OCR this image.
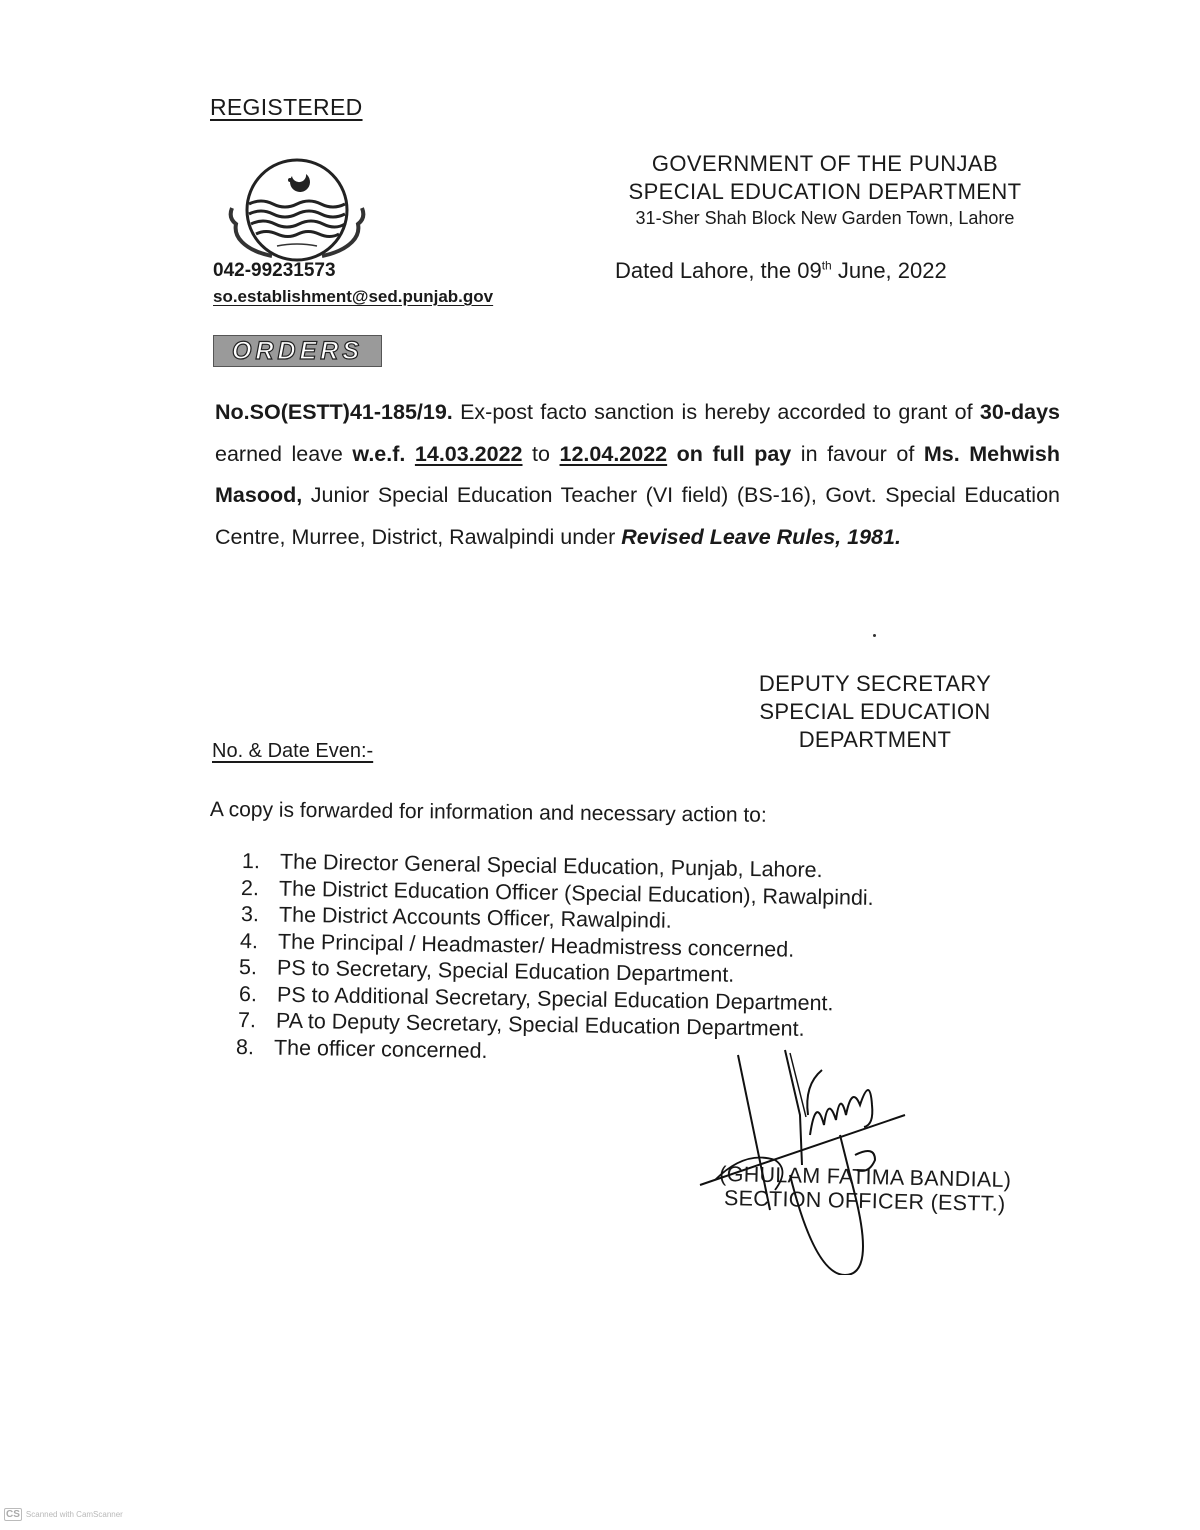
REGISTERED
042-99231573
so.establishment@sed.punjab.gov
GOVERNMENT OF THE PUNJAB
SPECIAL EDUCATION DEPARTMENT
31-Sher Shah Block New Garden Town, Lahore
Dated Lahore, the 09th June, 2022
ORDERS
No.SO(ESTT)41-185/19. Ex-post facto sanction is hereby accorded to grant of 30-days earned leave w.e.f. 14.03.2022 to 12.04.2022 on full pay in favour of Ms. Mehwish Masood, Junior Special Education Teacher (VI field) (BS-16), Govt. Special Education Centre, Murree, District, Rawalpindi under Revised Leave Rules, 1981.
DEPUTY SECRETARY
SPECIAL EDUCATION
DEPARTMENT
No. & Date Even:-
A copy is forwarded for information and necessary action to:
1. The Director General Special Education, Punjab, Lahore.
2. The District Education Officer (Special Education), Rawalpindi.
3. The District Accounts Officer, Rawalpindi.
4. The Principal / Headmaster/ Headmistress concerned.
5. PS to Secretary, Special Education Department.
6. PS to Additional Secretary, Special Education Department.
7. PA to Deputy Secretary, Special Education Department.
8. The officer concerned.
(GHULAM FATIMA BANDIAL)
SECTION OFFICER (ESTT.)
CS Scanned with CamScanner
